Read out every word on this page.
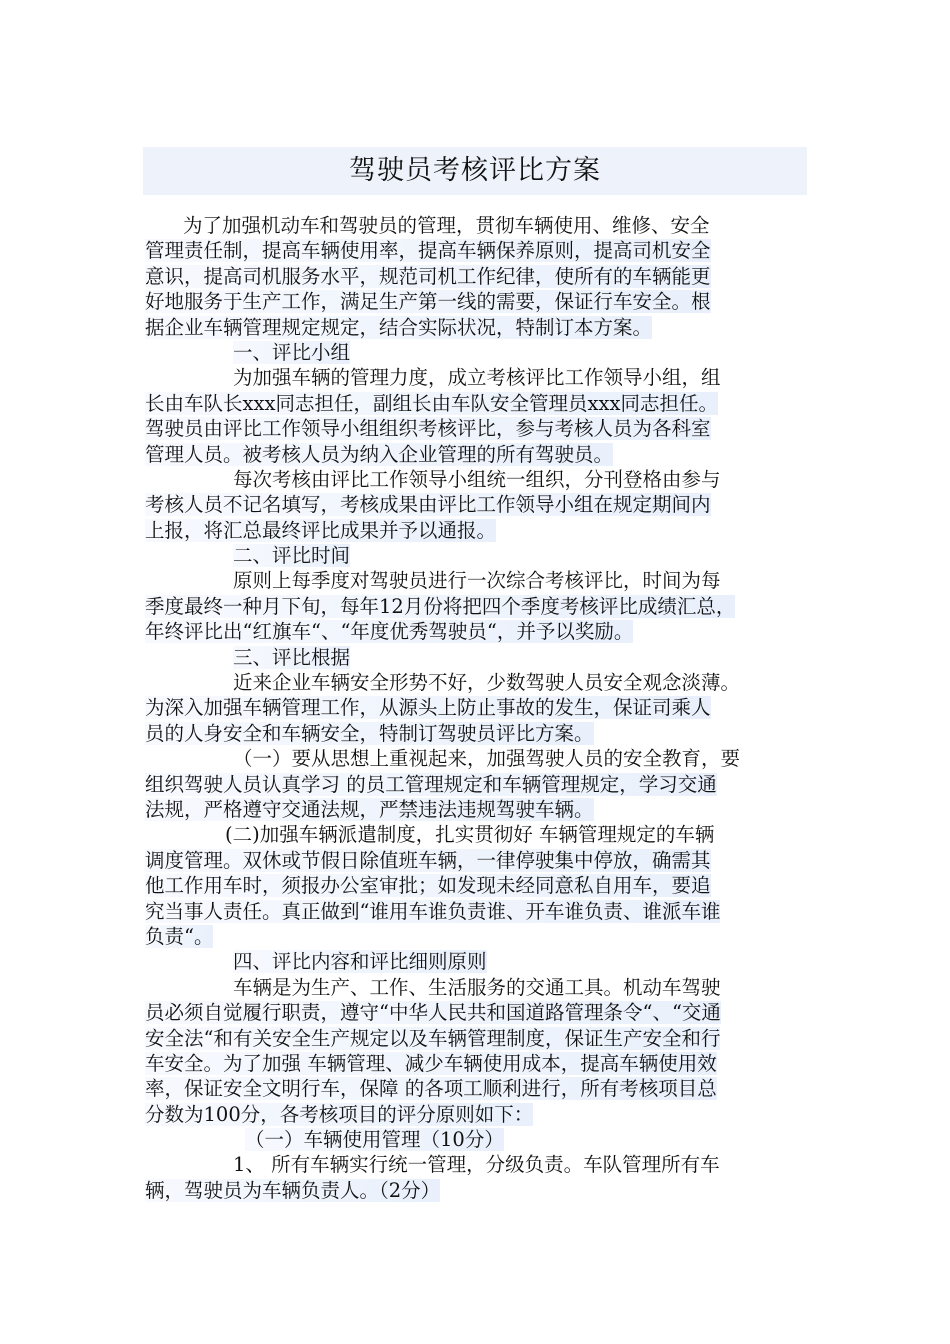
驾驶员考核评比方案
为了加强机动车和驾驶员的管理，贯彻车辆使用、维修、安全
管理责任制，提高车辆使用率，提高车辆保养原则，提高司机安全
意识，提高司机服务水平，规范司机工作纪律，使所有的车辆能更
好地服务于生产工作，满足生产第一线的需要，保证行车安全。根
据企业车辆管理规定规定，结合实际状况，特制订本方案。
一、评比小组
为加强车辆的管理力度，成立考核评比工作领导小组，组
长由车队长xxx同志担任，副组长由车队安全管理员xxx同志担任。
驾驶员由评比工作领导小组组织考核评比，参与考核人员为各科室
管理人员。被考核人员为纳入企业管理的所有驾驶员。
每次考核由评比工作领导小组统一组织，分刊登格由参与
考核人员不记名填写，考核成果由评比工作领导小组在规定期间内
上报，将汇总最终评比成果并予以通报。
二、评比时间
原则上每季度对驾驶员进行一次综合考核评比，时间为每
季度最终一种月下旬，每年12月份将把四个季度考核评比成绩汇总，
年终评比出“红旗车“、“年度优秀驾驶员“，并予以奖励。
三、评比根据
近来企业车辆安全形势不好，少数驾驶人员安全观念淡薄。
为深入加强车辆管理工作，从源头上防止事故的发生，保证司乘人
员的人身安全和车辆安全，特制订驾驶员评比方案。
（一）要从思想上重视起来，加强驾驶人员的安全教育，要
组织驾驶人员认真学习 的员工管理规定和车辆管理规定，学习交通
法规，严格遵守交通法规，严禁违法违规驾驶车辆。
(二)加强车辆派遣制度，扎实贯彻好 车辆管理规定的车辆
调度管理。双休或节假日除值班车辆，一律停驶集中停放，确需其
他工作用车时，须报办公室审批；如发现未经同意私自用车，要追
究当事人责任。真正做到“谁用车谁负责谁、开车谁负责、谁派车谁
负责“。
四、评比内容和评比细则原则
车辆是为生产、工作、生活服务的交通工具。机动车驾驶
员必须自觉履行职责，遵守“中华人民共和国道路管理条令“、“交通
安全法“和有关安全生产规定以及车辆管理制度，保证生产安全和行
车安全。为了加强 车辆管理、减少车辆使用成本，提高车辆使用效
率，保证安全文明行车，保障 的各项工顺利进行，所有考核项目总
分数为100分，各考核项目的评分原则如下：
（一）车辆使用管理（10分）
1、 所有车辆实行统一管理，分级负责。车队管理所有车
辆，驾驶员为车辆负责人。（2分）
